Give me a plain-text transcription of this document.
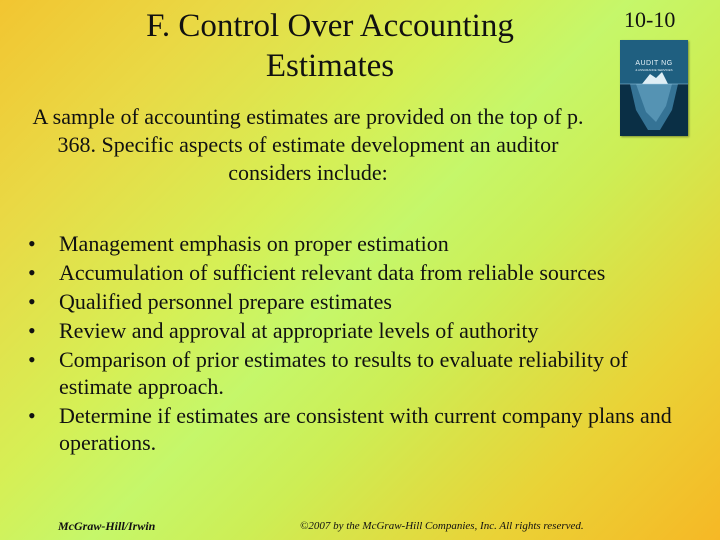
F. Control Over Accounting Estimates
10-10
AUDIT NG
& ASSURANCE SERVICES
A sample of accounting estimates are provided on the top of p. 368. Specific aspects of estimate development an auditor considers include:
• Management emphasis on proper estimation
• Accumulation of sufficient relevant data from reliable sources
• Qualified personnel prepare estimates
• Review and approval at appropriate levels of authority
• Comparison of prior estimates to results to evaluate reliability of estimate approach.
• Determine if estimates are consistent with current company plans and operations.
McGraw-Hill/Irwin	©2007 by the McGraw-Hill Companies, Inc. All rights reserved.
